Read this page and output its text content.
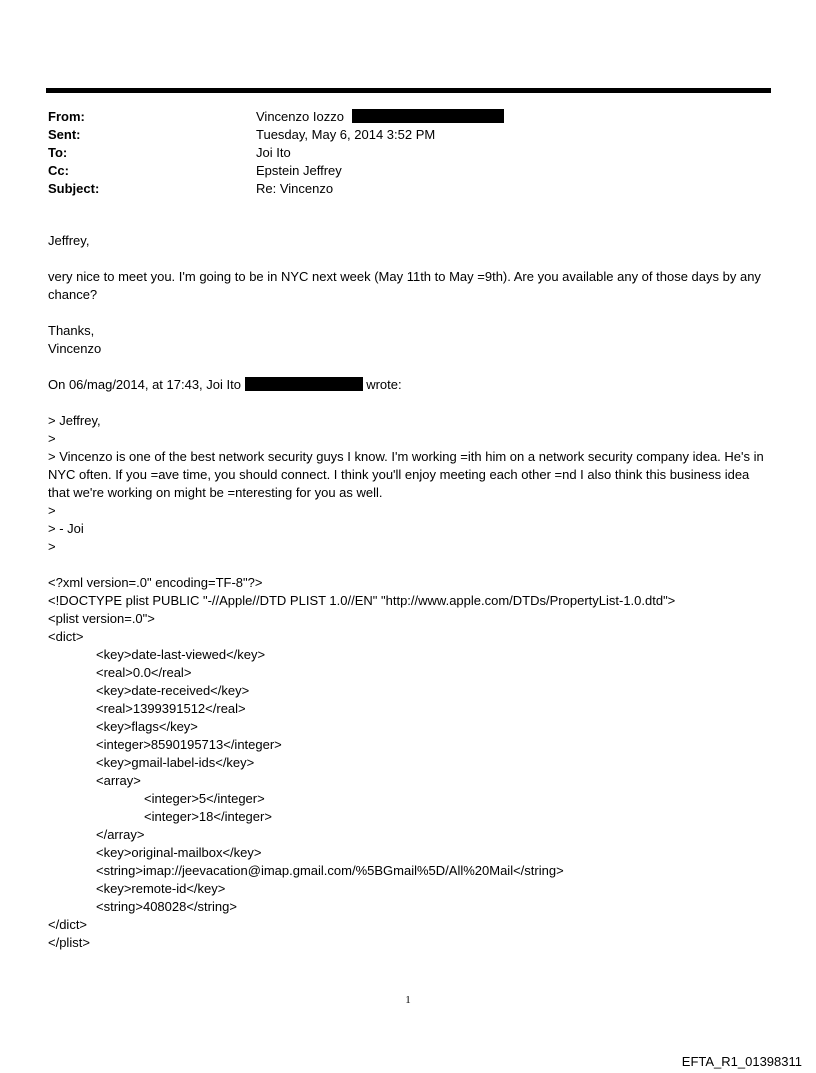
From:	Vincenzo Iozzo
Sent:	Tuesday, May 6, 2014 3:52 PM
To:	Joi Ito
Cc:	Epstein Jeffrey
Subject:	Re: Vincenzo

Jeffrey,

very nice to meet you. I'm going to be in NYC next week (May 11th to May =9th). Are you available any of those days by any chance?

Thanks,

Vincenzo

On 06/mag/2014, at 17:43, Joi Ito	wrote:

> Jeffrey,

>

> Vincenzo is one of the best network security guys I know. I'm working =ith him on a network security company idea. He's in NYC often. If you =ave time, you should connect. I think you'll enjoy meeting each other =nd I also think this business idea that we're working on might be =nteresting for you as well.

>

> - Joi

>

<?xml version=.0" encoding=TF-8"?>

<!DOCTYPE plist PUBLIC "-//Apple//DTD PLIST 1.0//EN" "http://www.apple.com/DTDs/PropertyList-1.0.dtd">

<plist version=.0">

<dict>

<key>date-last-viewed</key>

<real>0.0</real>

<key>date-received</key>

<real>1399391512</real>

<key>flags</key>

<integer>8590195713</integer>

<key>gmail-label-ids</key>

<array>

<integer>5</integer>

<integer>18</integer>

</array>

<key>original-mailbox</key>

<string>imap://jeevacation@imap.gmail.com/%5BGmail%5D/All%20Mail</string>

<key>remote-id</key>

<string>408028</string>

</dict>

</plist>

1
EFTA_R1_01398311
